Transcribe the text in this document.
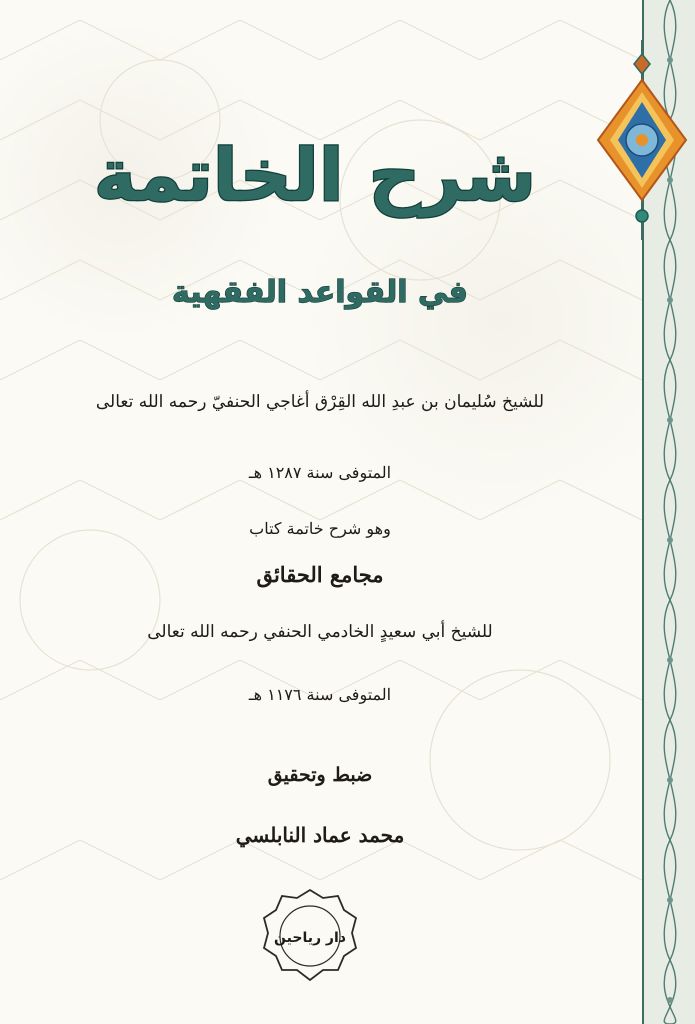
شرح الخاتمة
في القواعد الفقهية
للشيخ سُليمان بن عبدِ الله القِرْق أغاجي الحنفيّ رحمه الله تعالى
المتوفى سنة ١٢٨٧ هـ
وهو شرح خاتمة كتاب
مجامع الحقائق
للشيخ أبي سعيدٍ الخادمي الحنفي رحمه الله تعالى
المتوفى سنة ١١٧٦ هـ
ضبط وتحقيق
محمد عماد النابلسي
دار رياحين
